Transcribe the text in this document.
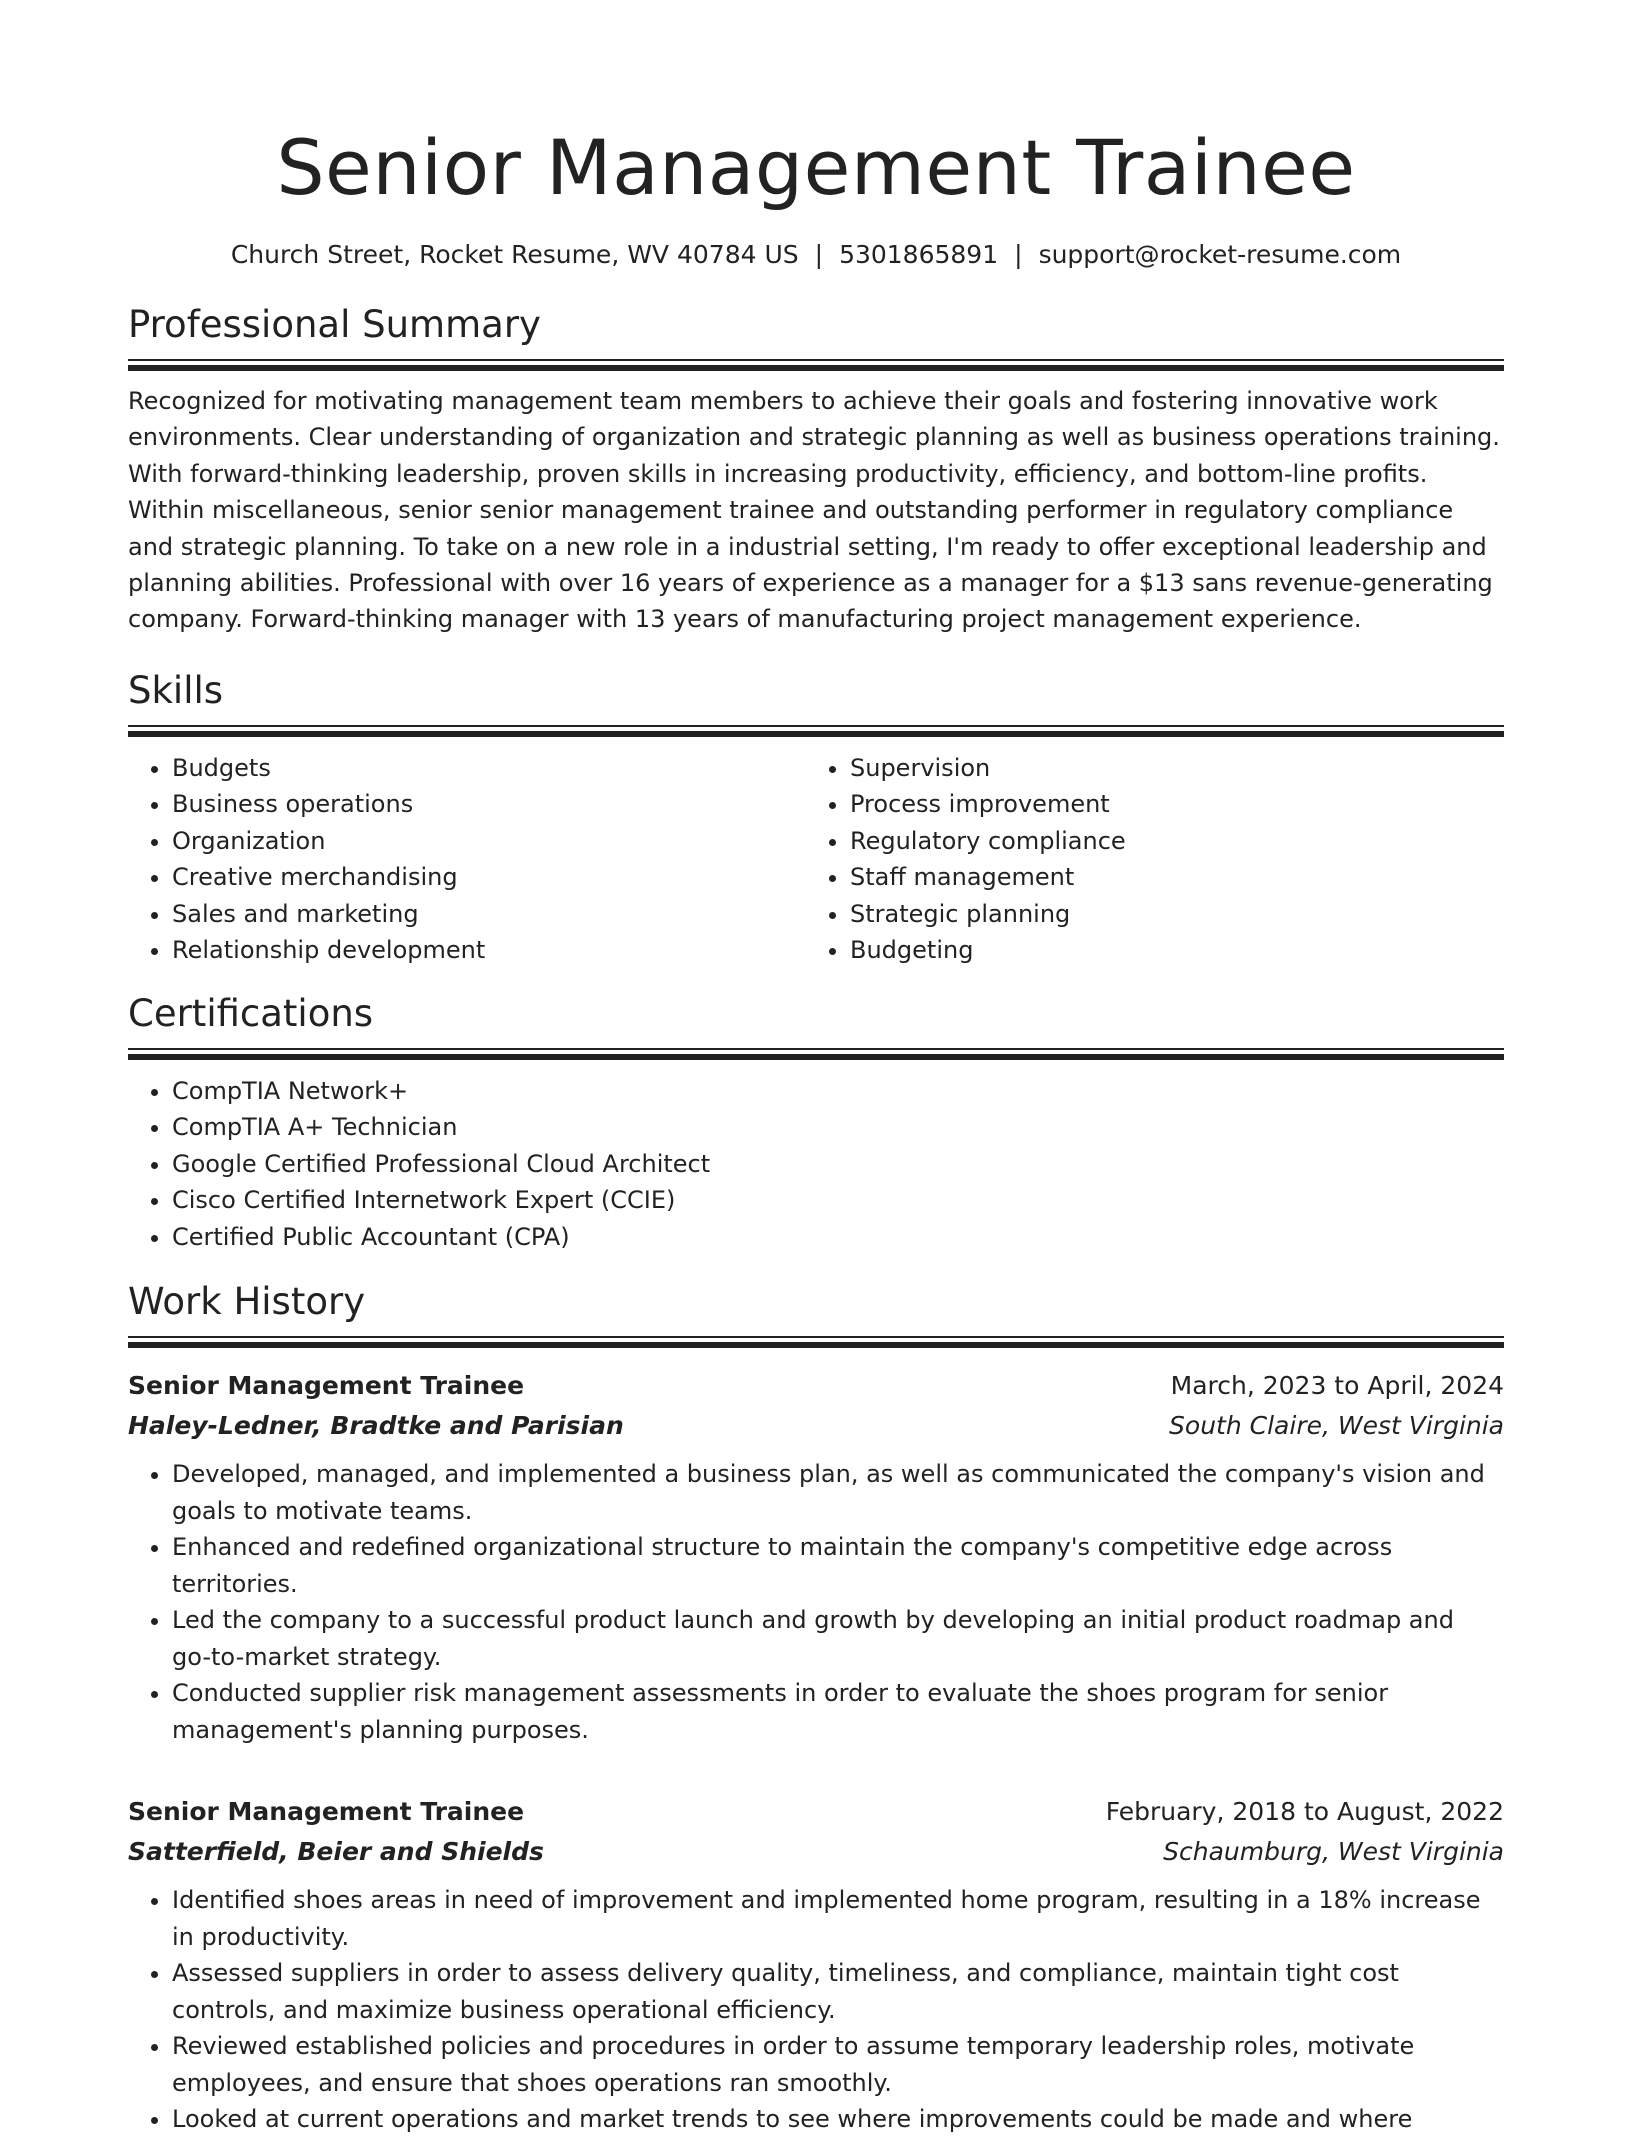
Senior Management Trainee
Church Street, Rocket Resume, WV 40784 US | 5301865891 | support@rocket-resume.com
Professional Summary

Recognized for motivating management team members to achieve their goals and fostering innovative work environments. Clear understanding of organization and strategic planning as well as business operations training. With forward-thinking leadership, proven skills in increasing productivity, efficiency, and bottom-line profits. Within miscellaneous, senior senior management trainee and outstanding performer in regulatory compliance and strategic planning. To take on a new role in a industrial setting, I'm ready to offer exceptional leadership and planning abilities. Professional with over 16 years of experience as a manager for a $13 sans revenue-generating company. Forward-thinking manager with 13 years of manufacturing project management experience.

Skills
• Budgets
• Business operations
• Organization
• Creative merchandising
• Sales and marketing
• Relationship development
• Supervision
• Process improvement
• Regulatory compliance
• Staff management
• Strategic planning
• Budgeting
Certifications
• CompTIA Network+
• CompTIA A+ Technician
• Google Certified Professional Cloud Architect
• Cisco Certified Internetwork Expert (CCIE)
• Certified Public Accountant (CPA)
Work History
Senior Management Trainee	March, 2023 to April, 2024
Haley-Ledner, Bradtke and Parisian	South Claire, West Virginia
• Developed, managed, and implemented a business plan, as well as communicated the company's vision and goals to motivate teams.
• Enhanced and redefined organizational structure to maintain the company's competitive edge across territories.
• Led the company to a successful product launch and growth by developing an initial product roadmap and go-to-market strategy.
• Conducted supplier risk management assessments in order to evaluate the shoes program for senior management's planning purposes.
Senior Management Trainee	February, 2018 to August, 2022
Satterfield, Beier and Shields	Schaumburg, West Virginia
• Identified shoes areas in need of improvement and implemented home program, resulting in a 18% increase in productivity.
• Assessed suppliers in order to assess delivery quality, timeliness, and compliance, maintain tight cost controls, and maximize business operational efficiency.
• Reviewed established policies and procedures in order to assume temporary leadership roles, motivate employees, and ensure that shoes operations ran smoothly.
• Looked at current operations and market trends to see where improvements could be made and where
